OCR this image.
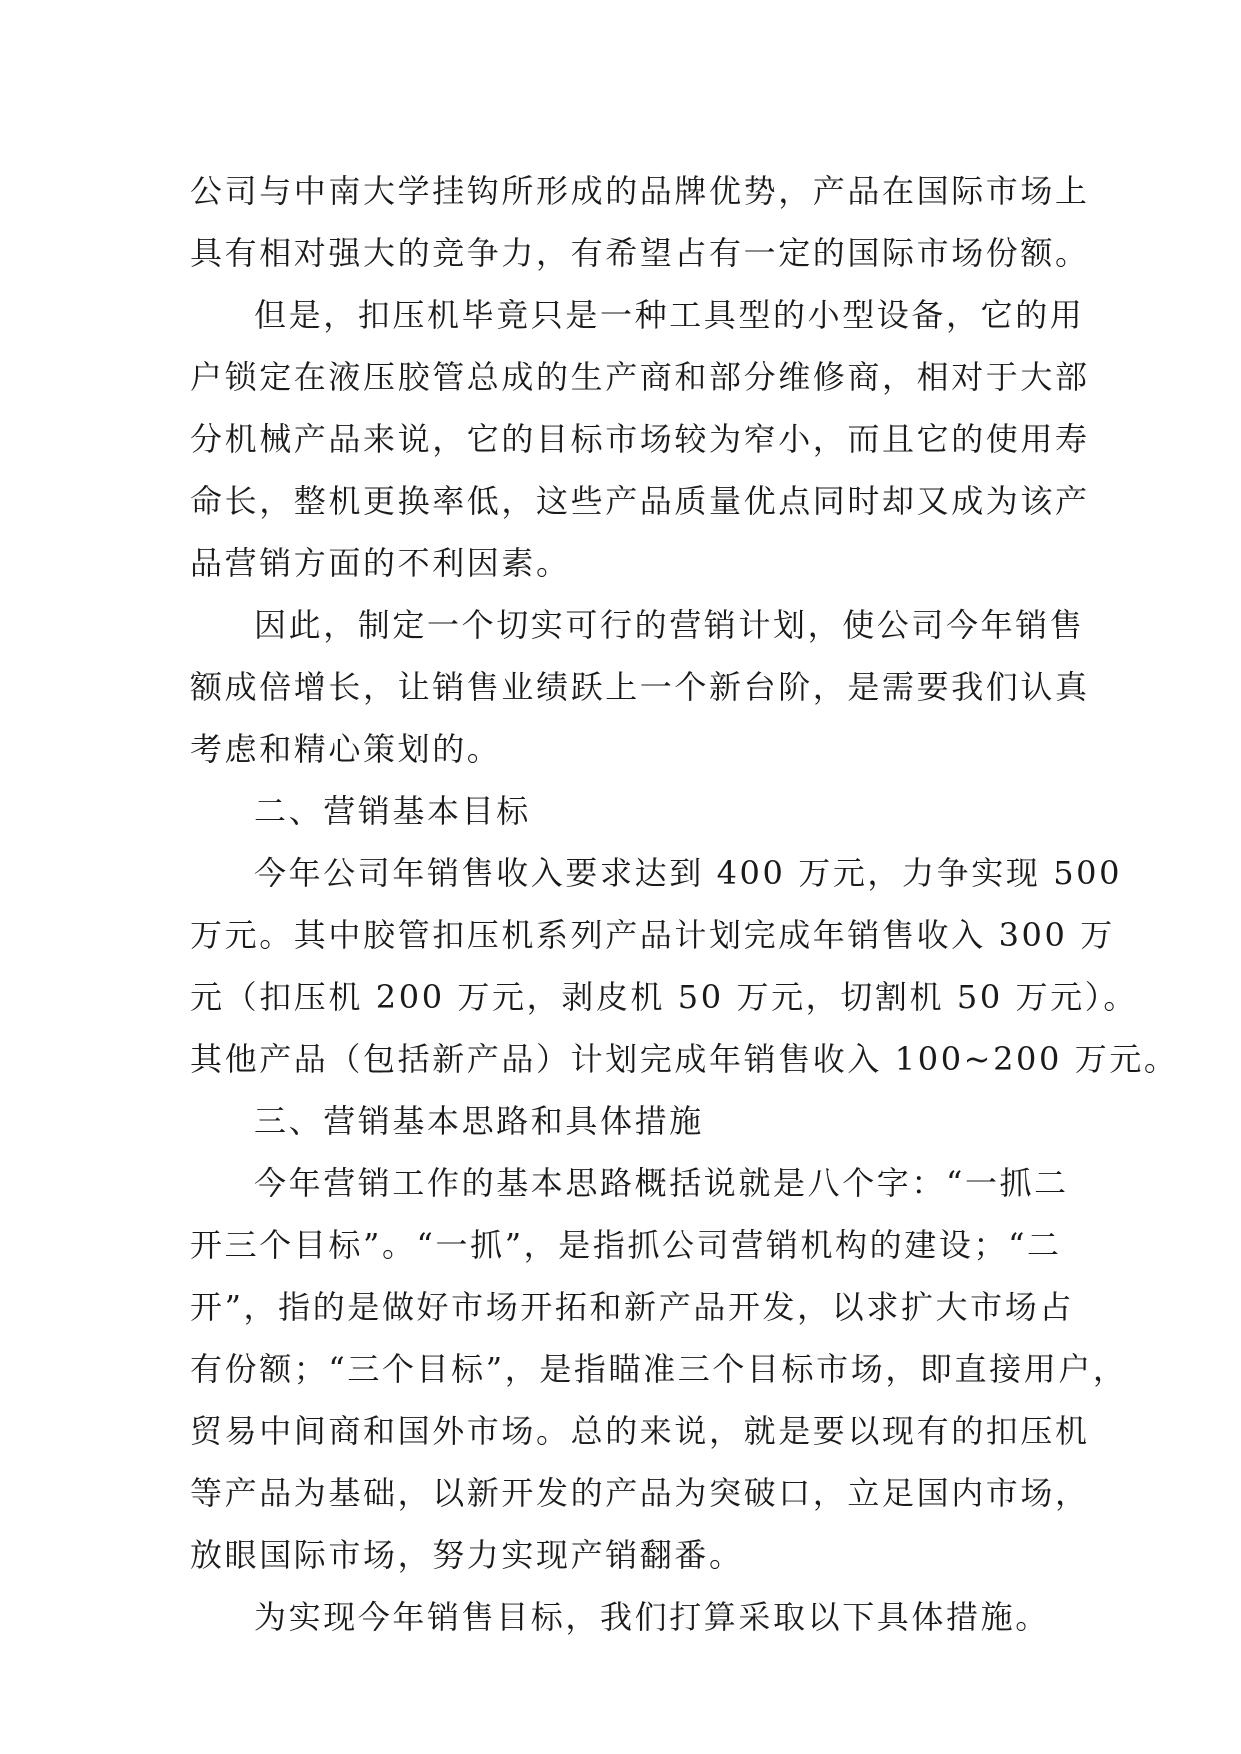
公司与中南大学挂钩所形成的品牌优势，产品在国际市场上
具有相对强大的竞争力，有希望占有一定的国际市场份额。
但是，扣压机毕竟只是一种工具型的小型设备，它的用
户锁定在液压胶管总成的生产商和部分维修商，相对于大部
分机械产品来说，它的目标市场较为窄小，而且它的使用寿
命长，整机更换率低，这些产品质量优点同时却又成为该产
品营销方面的不利因素。
因此，制定一个切实可行的营销计划，使公司今年销售
额成倍增长，让销售业绩跃上一个新台阶，是需要我们认真
考虑和精心策划的。
二、营销基本目标
今年公司年销售收入要求达到 400 万元，力争实现 500
万元。其中胶管扣压机系列产品计划完成年销售收入 300 万
元（扣压机 200 万元，剥皮机 50 万元，切割机 50 万元）。
其他产品（包括新产品）计划完成年销售收入 100~200 万元。
三、营销基本思路和具体措施
今年营销工作的基本思路概括说就是八个字：“一抓二
开三个目标”。“一抓”，是指抓公司营销机构的建设；“二
开”，指的是做好市场开拓和新产品开发，以求扩大市场占
有份额；“三个目标”，是指瞄准三个目标市场，即直接用户，
贸易中间商和国外市场。总的来说，就是要以现有的扣压机
等产品为基础，以新开发的产品为突破口，立足国内市场，
放眼国际市场，努力实现产销翻番。
为实现今年销售目标，我们打算采取以下具体措施。
